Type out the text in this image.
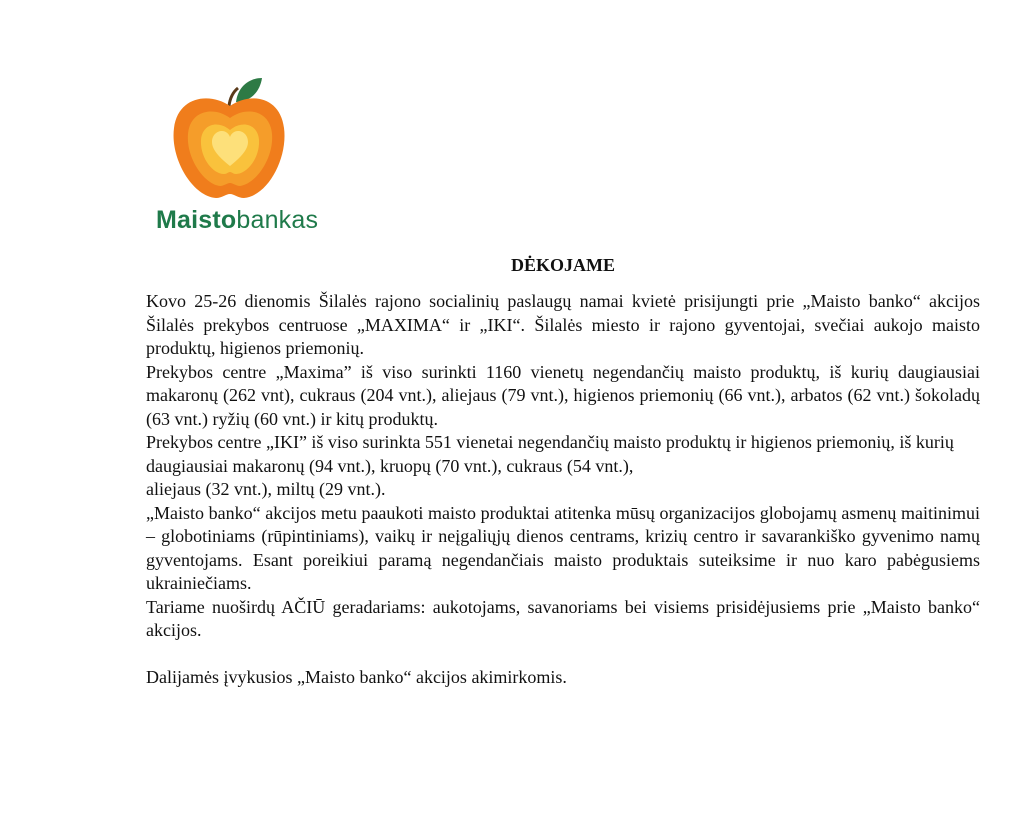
Maistobankas
DĖKOJAME

Kovo 25-26 dienomis Šilalės rajono socialinių paslaugų namai kvietė prisijungti prie „Maisto banko“ akcijos Šilalės prekybos centruose „MAXIMA“ ir „IKI“. Šilalės miesto ir rajono gyventojai, svečiai aukojo maisto produktų, higienos priemonių.

Prekybos centre „Maxima” iš viso surinkti 1160 vienetų negendančių maisto produktų, iš kurių daugiausiai makaronų (262 vnt), cukraus (204 vnt.), aliejaus (79 vnt.), higienos priemonių (66 vnt.), arbatos (62 vnt.) šokoladų (63 vnt.) ryžių (60 vnt.) ir kitų produktų.

Prekybos centre „IKI” iš viso surinkta 551 vienetai negendančių maisto produktų ir higienos priemonių, iš kurių daugiausiai makaronų (94 vnt.), kruopų (70 vnt.), cukraus (54 vnt.),

aliejaus (32 vnt.), miltų (29 vnt.).

„Maisto banko“ akcijos metu paaukoti maisto produktai atitenka mūsų organizacijos globojamų asmenų maitinimui – globotiniams (rūpintiniams), vaikų ir neįgaliųjų dienos centrams, krizių centro ir savarankiško gyvenimo namų gyventojams. Esant poreikiui paramą negendančiais maisto produktais suteiksime ir nuo karo pabėgusiems ukrainiečiams.

Tariame nuoširdų AČIŪ geradariams: aukotojams, savanoriams bei visiems prisidėjusiems prie „Maisto banko“ akcijos.

Dalijamės įvykusios „Maisto banko“ akcijos akimirkomis.
